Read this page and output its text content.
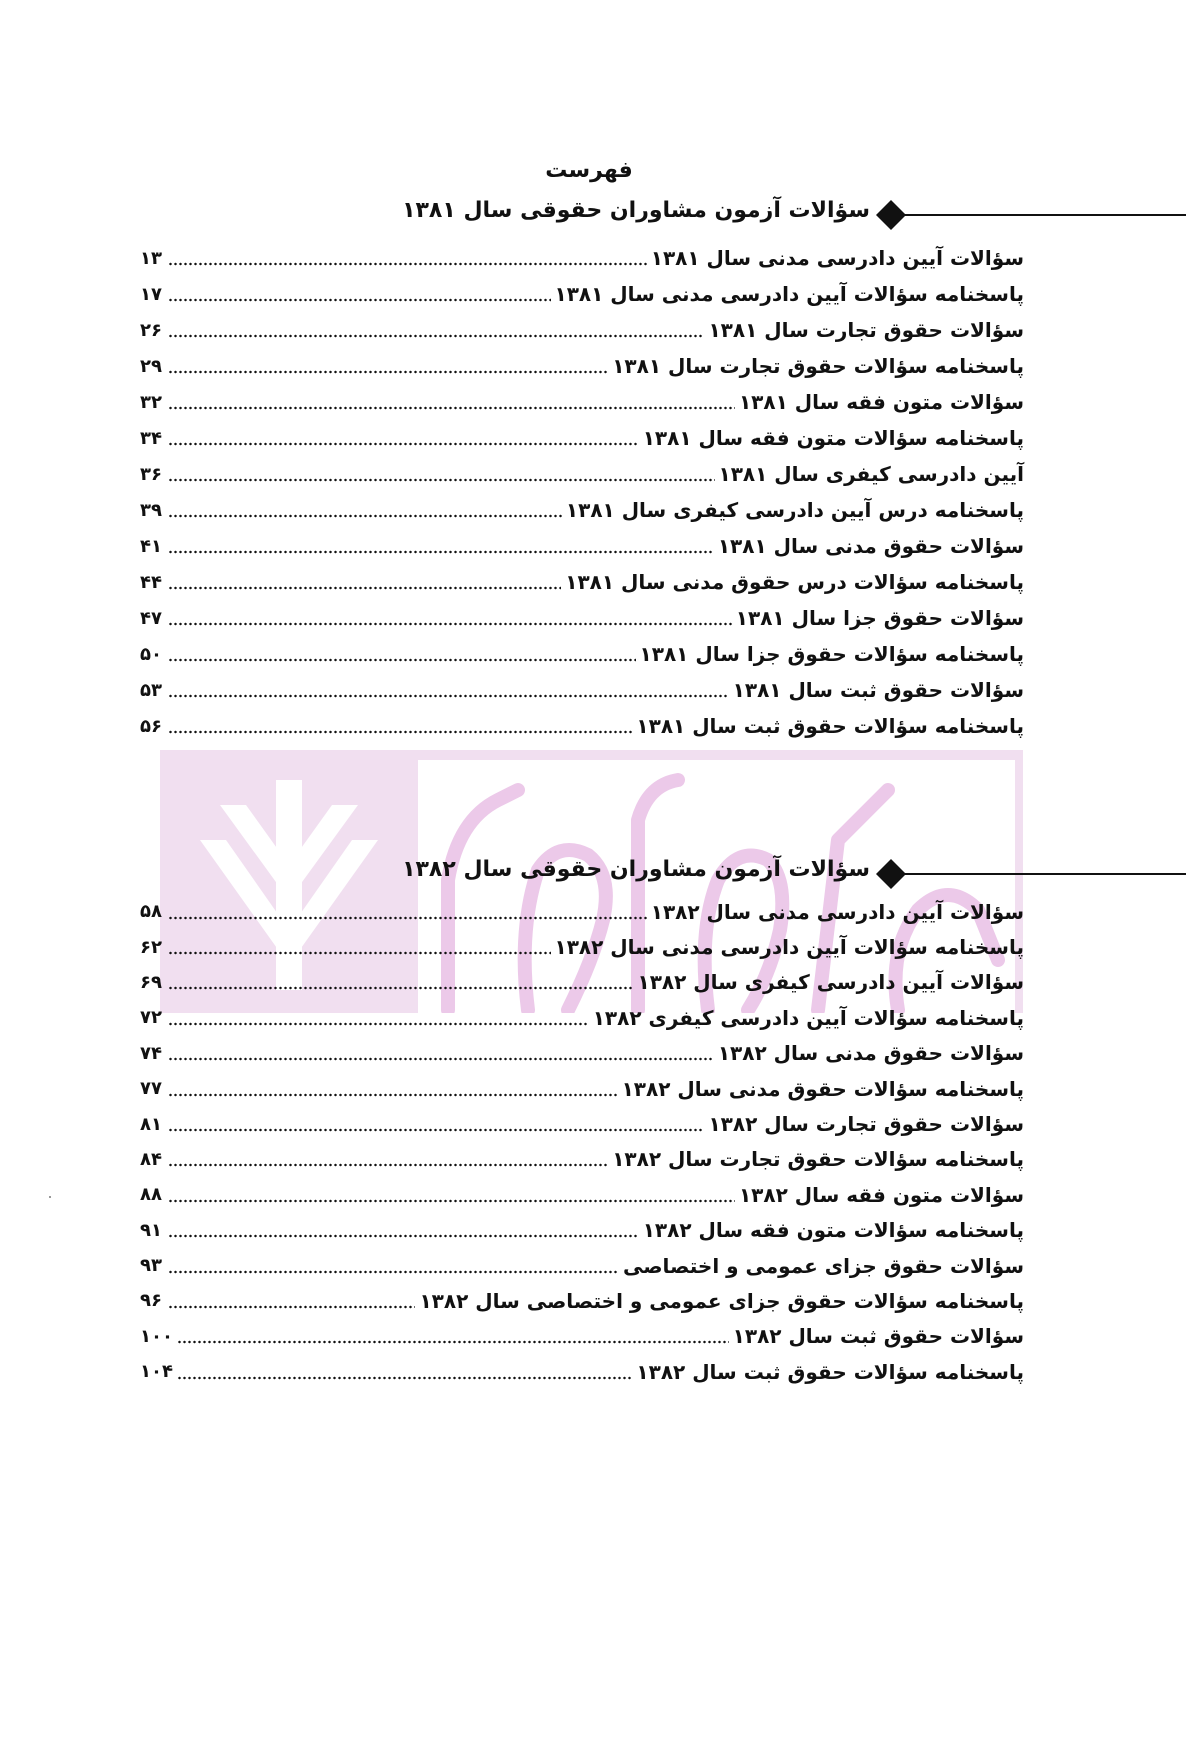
فهرست
سؤالات آزمون مشاوران حقوقی سال ۱۳۸۱
۱۳	سؤالات آیین دادرسی مدنی سال ۱۳۸۱
۱۷	پاسخنامه سؤالات آیین دادرسی مدنی سال ۱۳۸۱
۲۶	سؤالات حقوق تجارت سال ۱۳۸۱
۲۹	پاسخنامه سؤالات حقوق تجارت سال ۱۳۸۱
۳۲	سؤالات متون فقه سال ۱۳۸۱
۳۴	پاسخنامه سؤالات متون فقه سال ۱۳۸۱
۳۶	آیین دادرسی کیفری سال ۱۳۸۱
۳۹	پاسخنامه درس آیین دادرسی کیفری سال ۱۳۸۱
۴۱	سؤالات حقوق مدنی سال ۱۳۸۱
۴۴	پاسخنامه سؤالات درس حقوق مدنی سال ۱۳۸۱
۴۷	سؤالات حقوق جزا سال ۱۳۸۱
۵۰	پاسخنامه سؤالات حقوق جزا سال ۱۳۸۱
۵۳	سؤالات حقوق ثبت سال ۱۳۸۱
۵۶	پاسخنامه سؤالات حقوق ثبت سال ۱۳۸۱
سؤالات آزمون مشاوران حقوقی سال ۱۳۸۲
۵۸	سؤالات آیین دادرسی مدنی سال ۱۳۸۲
۶۲	پاسخنامه سؤالات آیین دادرسی مدنی سال ۱۳۸۲
۶۹	سؤالات آیین دادرسی کیفری سال ۱۳۸۲
۷۲	پاسخنامه سؤالات آیین دادرسی کیفری ۱۳۸۲
۷۴	سؤالات حقوق مدنی سال ۱۳۸۲
۷۷	پاسخنامه سؤالات حقوق مدنی سال ۱۳۸۲
۸۱	سؤالات حقوق تجارت سال ۱۳۸۲
۸۴	پاسخنامه سؤالات حقوق تجارت سال ۱۳۸۲
۸۸	سؤالات متون فقه سال ۱۳۸۲
۹۱	پاسخنامه سؤالات متون فقه سال ۱۳۸۲
۹۳	سؤالات حقوق جزای عمومی و اختصاصی
۹۶	پاسخنامه سؤالات حقوق جزای عمومی و اختصاصی سال ۱۳۸۲
۱۰۰	سؤالات حقوق ثبت سال ۱۳۸۲
۱۰۴	پاسخنامه سؤالات حقوق ثبت سال ۱۳۸۲
